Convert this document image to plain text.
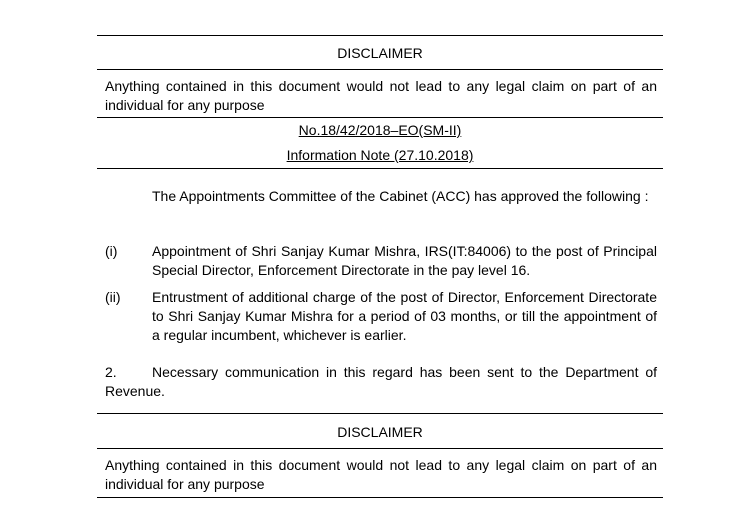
DISCLAIMER
Anything contained in this document would not lead to any legal claim on part of an individual for any purpose
No.18/42/2018–EO(SM-II)
Information Note (27.10.2018)
The Appointments Committee of the Cabinet (ACC) has approved the following :
(i) Appointment of Shri Sanjay Kumar Mishra, IRS(IT:84006) to the post of Principal Special Director, Enforcement Directorate in the pay level 16.
(ii) Entrustment of additional charge of the post of Director, Enforcement Directorate to Shri Sanjay Kumar Mishra for a period of 03 months, or till the appointment of a regular incumbent, whichever is earlier.
2.	Necessary communication in this regard has been sent to the Department of Revenue.
DISCLAIMER
Anything contained in this document would not lead to any legal claim on part of an individual for any purpose
